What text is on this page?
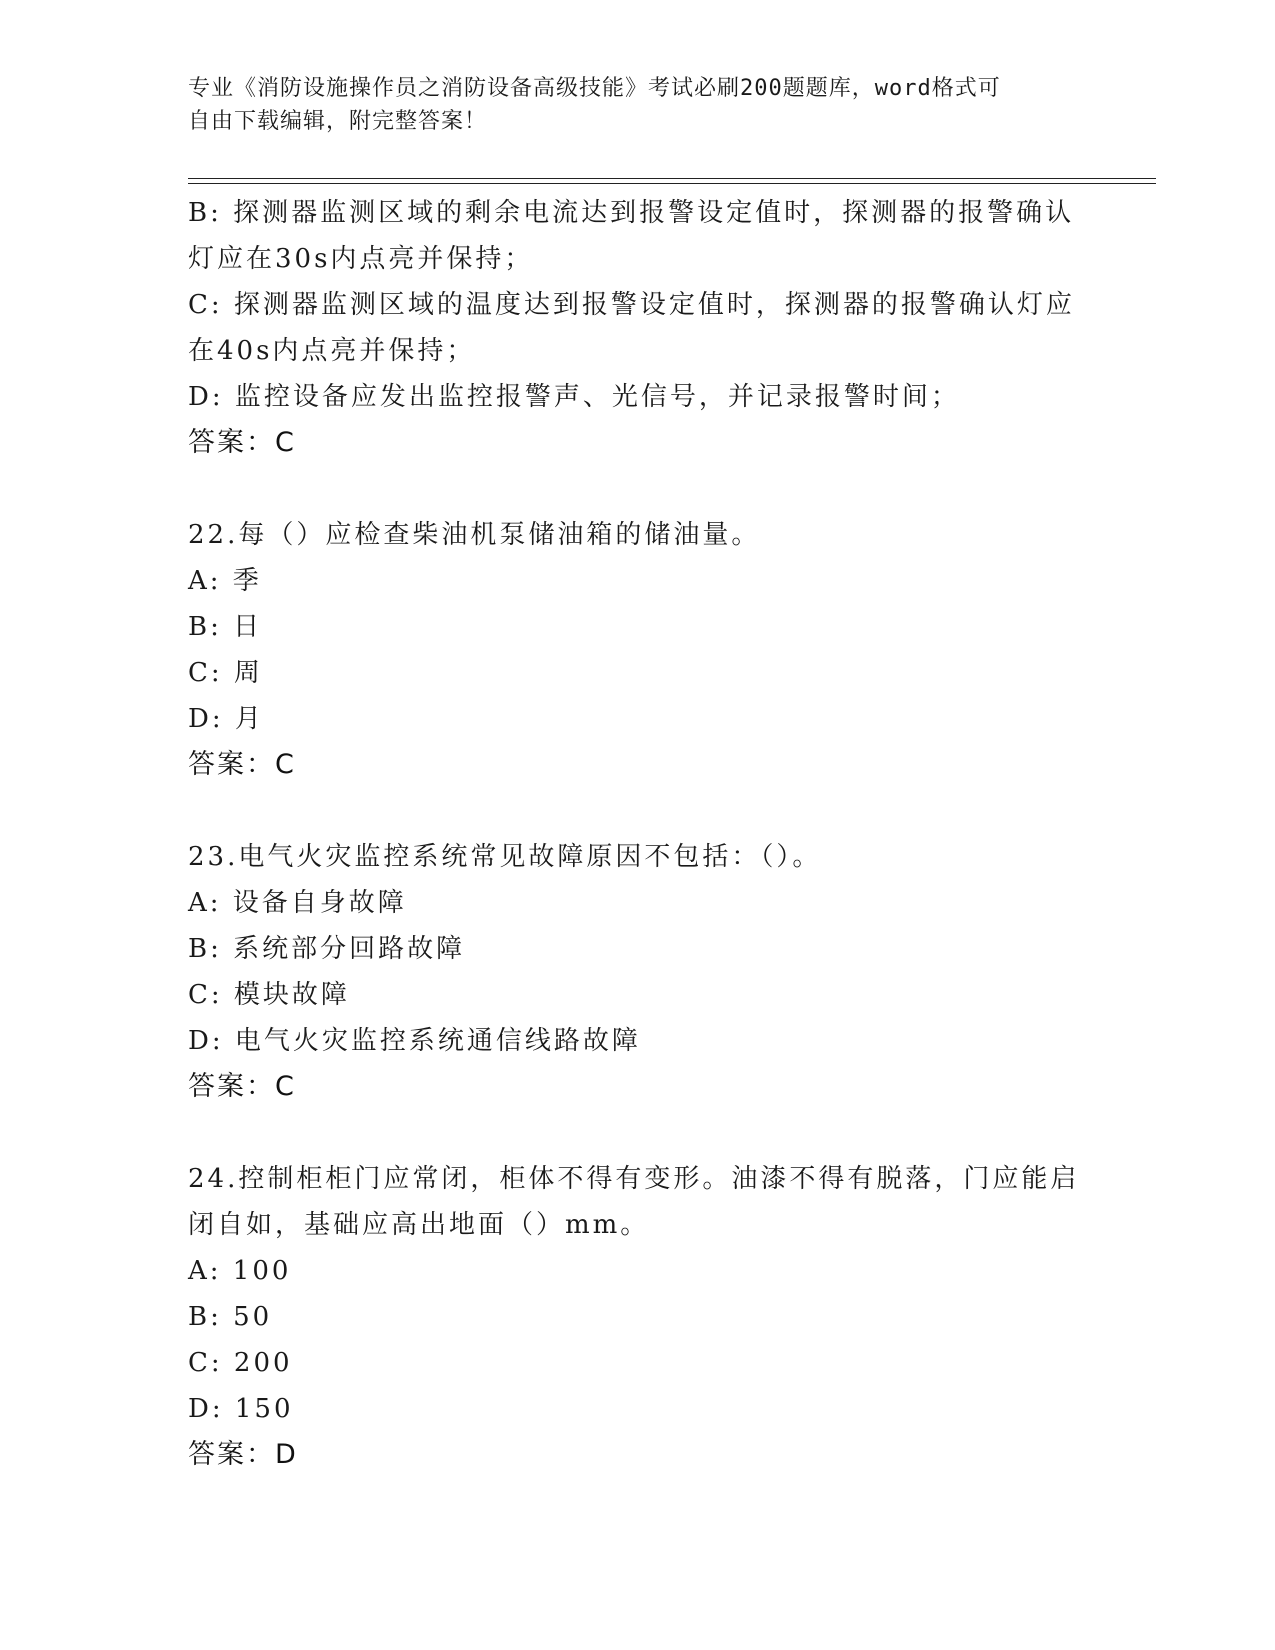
专业《消防设施操作员之消防设备高级技能》考试必刷200题题库，word格式可
自由下载编辑，附完整答案！
B: 探测器监测区域的剩余电流达到报警设定值时，探测器的报警确认
灯应在30s内点亮并保持；
C: 探测器监测区域的温度达到报警设定值时，探测器的报警确认灯应
在40s内点亮并保持；
D: 监控设备应发出监控报警声、光信号，并记录报警时间；
答案：C
22.每（）应检查柴油机泵储油箱的储油量。
A: 季
B: 日
C: 周
D: 月
答案：C
23.电气火灾监控系统常见故障原因不包括：（）。
A: 设备自身故障
B: 系统部分回路故障
C: 模块故障
D: 电气火灾监控系统通信线路故障
答案：C
24.控制柜柜门应常闭，柜体不得有变形。油漆不得有脱落，门应能启
闭自如，基础应高出地面（）mm。
A: 100
B: 50
C: 200
D: 150
答案：D
